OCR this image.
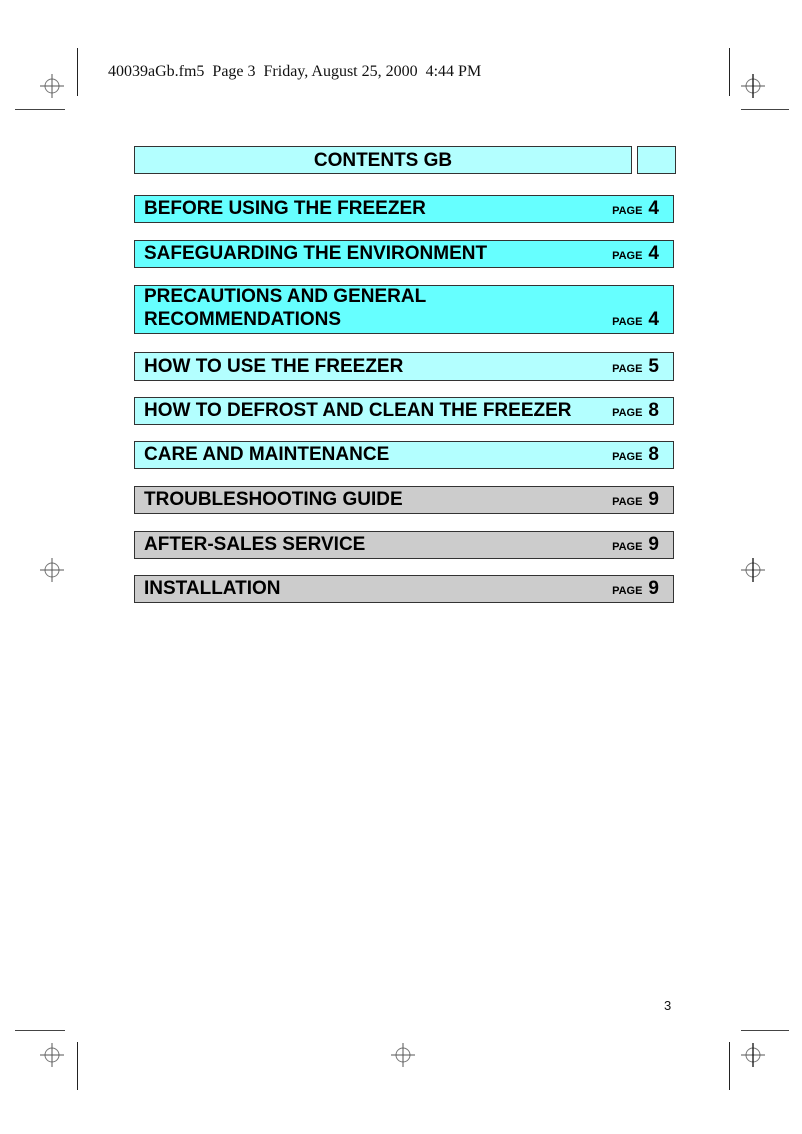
40039aGb.fm5  Page 3  Friday, August 25, 2000  4:44 PM
CONTENTS GB
BEFORE USING THE FREEZER	PAGE 4
SAFEGUARDING THE ENVIRONMENT	PAGE 4
PRECAUTIONS AND GENERAL
RECOMMENDATIONS	PAGE 4
HOW TO USE THE FREEZER	PAGE 5
HOW TO DEFROST AND CLEAN THE FREEZER	PAGE 8
CARE AND MAINTENANCE	PAGE 8
TROUBLESHOOTING GUIDE	PAGE 9
AFTER-SALES SERVICE	PAGE 9
INSTALLATION	PAGE 9
3
